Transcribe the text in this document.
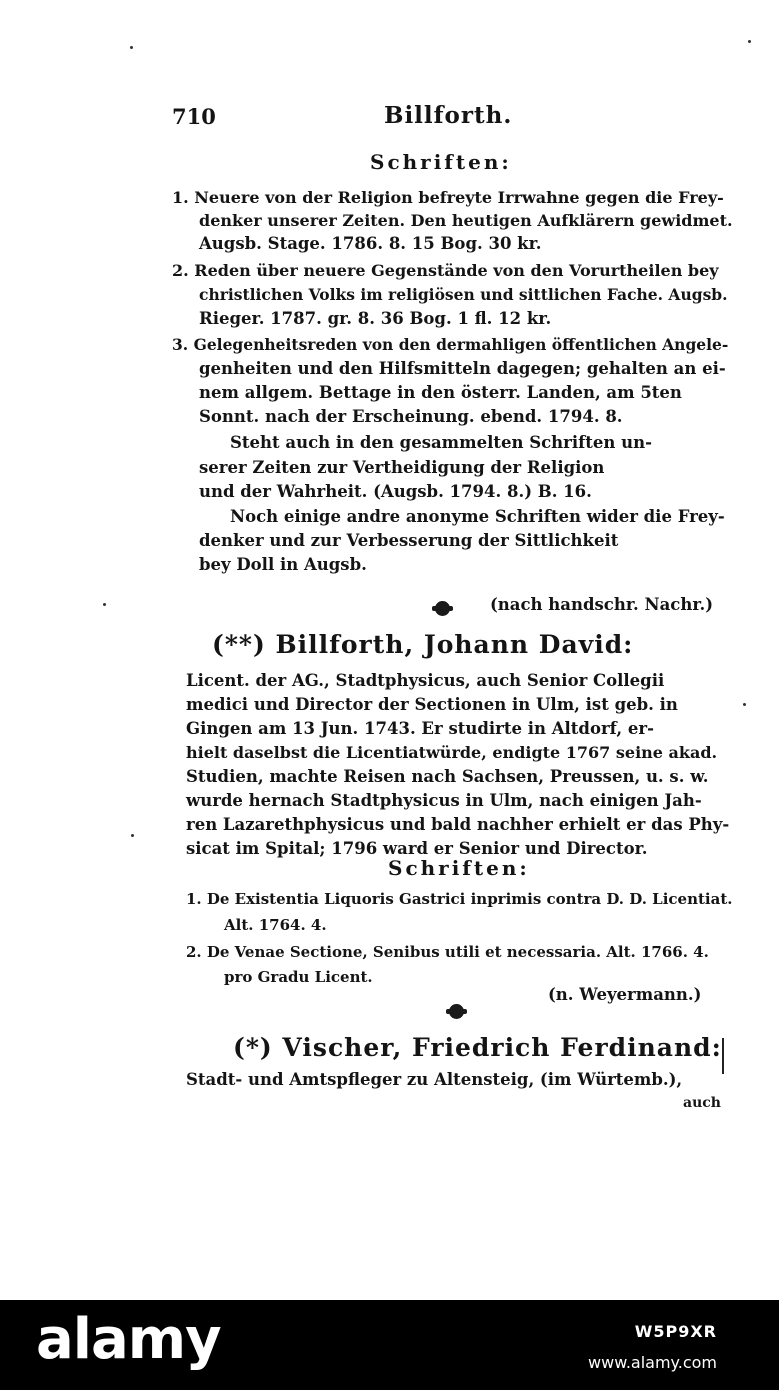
710	Billforth.
Schriften:
1. Neuere von der Religion befreyte Irrwahne gegen die Frey-
denker unserer Zeiten. Den heutigen Aufklärern gewidmet.
Augsb. Stage. 1786. 8. 15 Bog. 30 kr.
2. Reden über neuere Gegenstände von den Vorurtheilen bey
christlichen Volks im religiösen und sittlichen Fache. Augsb.
Rieger. 1787. gr. 8. 36 Bog. 1 fl. 12 kr.
3. Gelegenheitsreden von den dermahligen öffentlichen Angele-
genheiten und den Hilfsmitteln dagegen; gehalten an ei-
nem allgem. Bettage in den österr. Landen, am 5ten
Sonnt. nach der Erscheinung. ebend. 1794. 8.
Steht auch in den gesammelten Schriften un-
serer Zeiten zur Vertheidigung der Religion
und der Wahrheit. (Augsb. 1794. 8.) B. 16.
Noch einige andre anonyme Schriften wider die Frey-
denker und zur Verbesserung der Sittlichkeit
bey Doll in Augsb.
(nach handschr. Nachr.)
(**) Billforth, Johann David:
Licent. der AG., Stadtphysicus, auch Senior Collegii
medici und Director der Sectionen in Ulm, ist geb. in
Gingen am 13 Jun. 1743. Er studirte in Altdorf, er-
hielt daselbst die Licentiatwürde, endigte 1767 seine akad.
Studien, machte Reisen nach Sachsen, Preussen, u. s. w.
wurde hernach Stadtphysicus in Ulm, nach einigen Jah-
ren Lazarethphysicus und bald nachher erhielt er das Phy-
sicat im Spital; 1796 ward er Senior und Director.
Schriften:
1. De Existentia Liquoris Gastrici inprimis contra D. D. Licentiat.
Alt. 1764. 4.
2. De Venae Sectione, Senibus utili et necessaria. Alt. 1766. 4.
pro Gradu Licent.
(n. Weyermann.)
(*) Vischer, Friedrich Ferdinand:
Stadt- und Amtspfleger zu Altensteig, (im Würtemb.),
auch
alamy	W5P9XR
www.alamy.com
